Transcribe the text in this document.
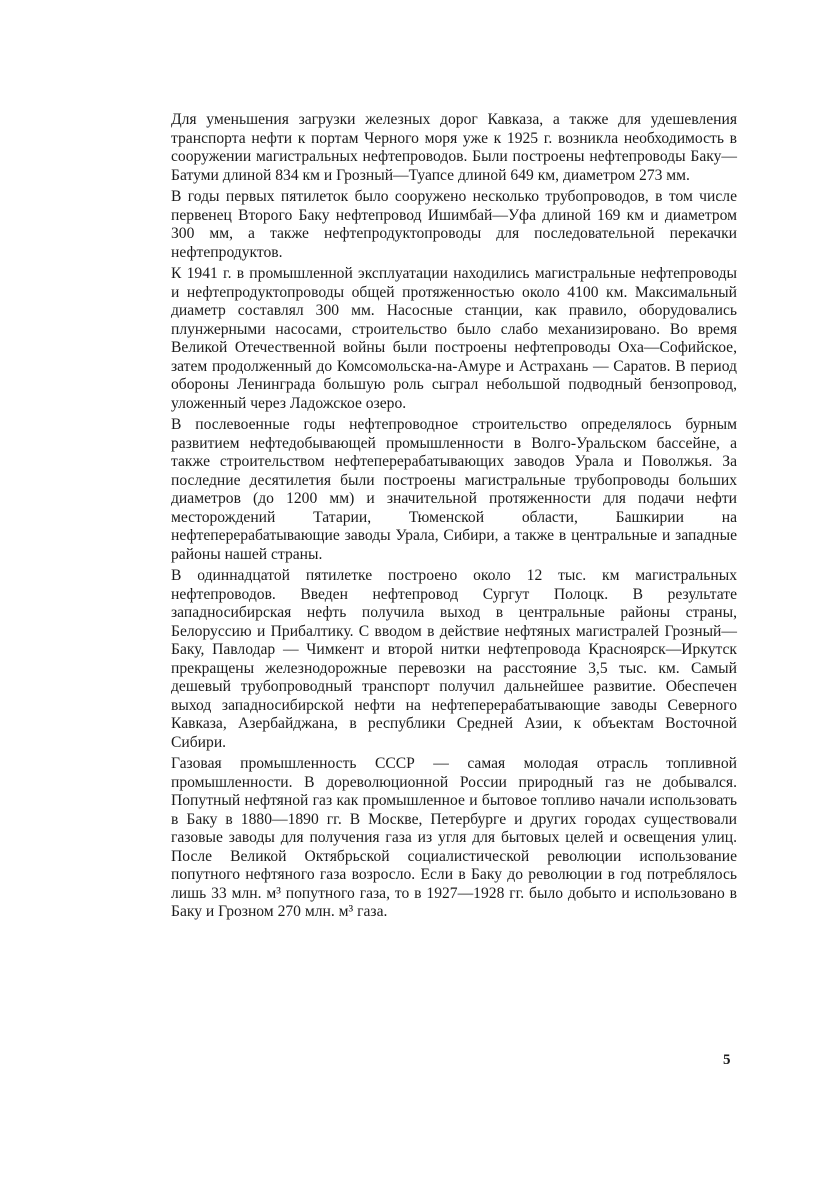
Для уменьшения загрузки железных дорог Кавказа, а также для удешевления транспорта нефти к портам Черного моря уже к 1925 г. возникла необходимость в сооружении магистральных нефтепроводов. Были построены нефтепроводы Баку—Батуми длиной 834 км и Грозный—Туапсе длиной 649 км, диаметром 273 мм.

В годы первых пятилеток было сооружено несколько трубопроводов, в том числе первенец Второго Баку нефтепровод Ишимбай—Уфа длиной 169 км и диаметром 300 мм, а также нефтепродуктопроводы для последовательной перекачки нефтепродуктов.

К 1941 г. в промышленной эксплуатации находились магистральные нефтепроводы и нефтепродуктопроводы общей протяженностью около 4100 км. Максимальный диаметр составлял 300 мм. Насосные станции, как правило, оборудовались плунжерными насосами, строительство было слабо механизировано. Во время Великой Отечественной войны были построены нефтепроводы Оха—Софийское, затем продолженный до Комсомольска-на-Амуре и Астрахань — Саратов. В период обороны Ленинграда большую роль сыграл небольшой подводный бензопровод, уложенный через Ладожское озеро.

В послевоенные годы нефтепроводное строительство определялось бурным развитием нефтедобывающей промышленности в Волго-Уральском бассейне, а также строительством нефтеперерабатывающих заводов Урала и Поволжья. За последние десятилетия были построены магистральные трубопроводы больших диаметров (до 1200 мм) и значительной протяженности для подачи нефти месторождений Татарии, Тюменской области, Башкирии на нефтеперерабатывающие заводы Урала, Сибири, а также в центральные и западные районы нашей страны.

В одиннадцатой пятилетке построено около 12 тыс. км магистральных нефтепроводов. Введен нефтепровод Сургут Полоцк. В результате западносибирская нефть получила выход в центральные районы страны, Белоруссию и Прибалтику. С вводом в действие нефтяных магистралей Грозный—Баку, Павлодар — Чимкент и второй нитки нефтепровода Красноярск—Иркутск прекращены железнодорожные перевозки на расстояние 3,5 тыс. км. Самый дешевый трубопроводный транспорт получил дальнейшее развитие. Обеспечен выход западносибирской нефти на нефтеперерабатывающие заводы Северного Кавказа, Азербайджана, в республики Средней Азии, к объектам Восточной Сибири.

Газовая промышленность СССР — самая молодая отрасль топливной промышленности. В дореволюционной России природный газ не добывался. Попутный нефтяной газ как промышленное и бытовое топливо начали использовать в Баку в 1880—1890 гг. В Москве, Петербурге и других городах существовали газовые заводы для получения газа из угля для бытовых целей и освещения улиц. После Великой Октябрьской социалистической революции использование попутного нефтяного газа возросло. Если в Баку до революции в год потреблялось лишь 33 млн. м³ попутного газа, то в 1927—1928 гг. было добыто и использовано в Баку и Грозном 270 млн. м³ газа.

5
